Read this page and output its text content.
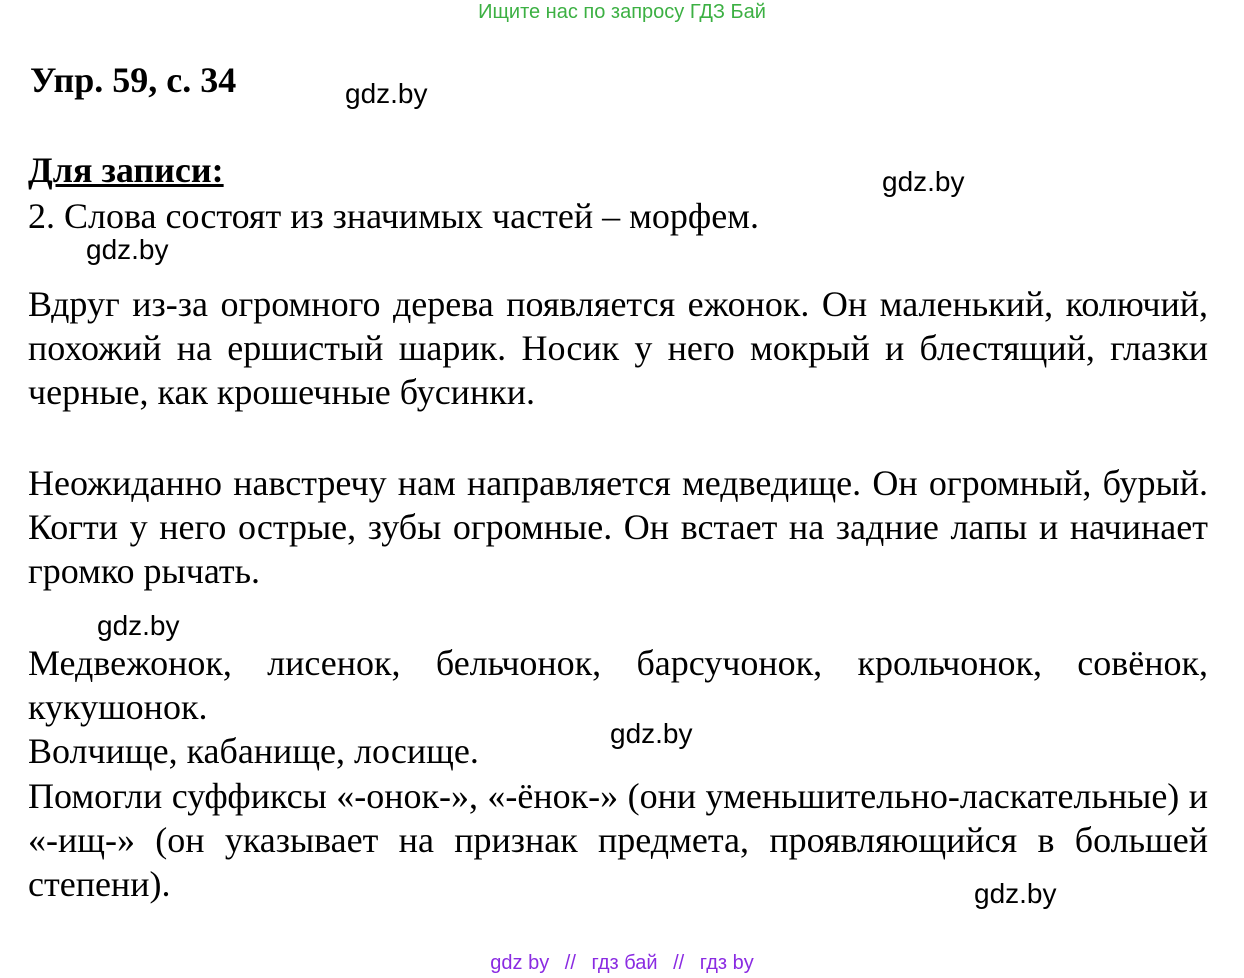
Ищите нас по запросу ГДЗ Бай
Упр. 59, с. 34	gdz.by
Для записи:	gdz.by

2. Слова состоят из значимых частей – морфем.

gdz.by

Вдруг из-за огромного дерева появляется ежонок. Он маленький, колючий, похожий на ершистый шарик. Носик у него мокрый и блестящий, глазки черные, как крошечные бусинки.

Неожиданно навстречу нам направляется медведище. Он огромный, бурый. Когти у него острые, зубы огромные. Он встает на задние лапы и начинает громко рычать.

gdz.by

Медвежонок, лисенок, бельчонок, барсучонок, крольчонок, совёнок, кукушонок.

Волчище, кабанище, лосище.	gdz.by

Помогли суффиксы «-онок-», «-ёнок-» (они уменьшительно-ласкательные) и «-ищ-» (он указывает на признак предмета, проявляющийся в большей степени).	gdz.by
gdz by // гдз бай // гдз by
